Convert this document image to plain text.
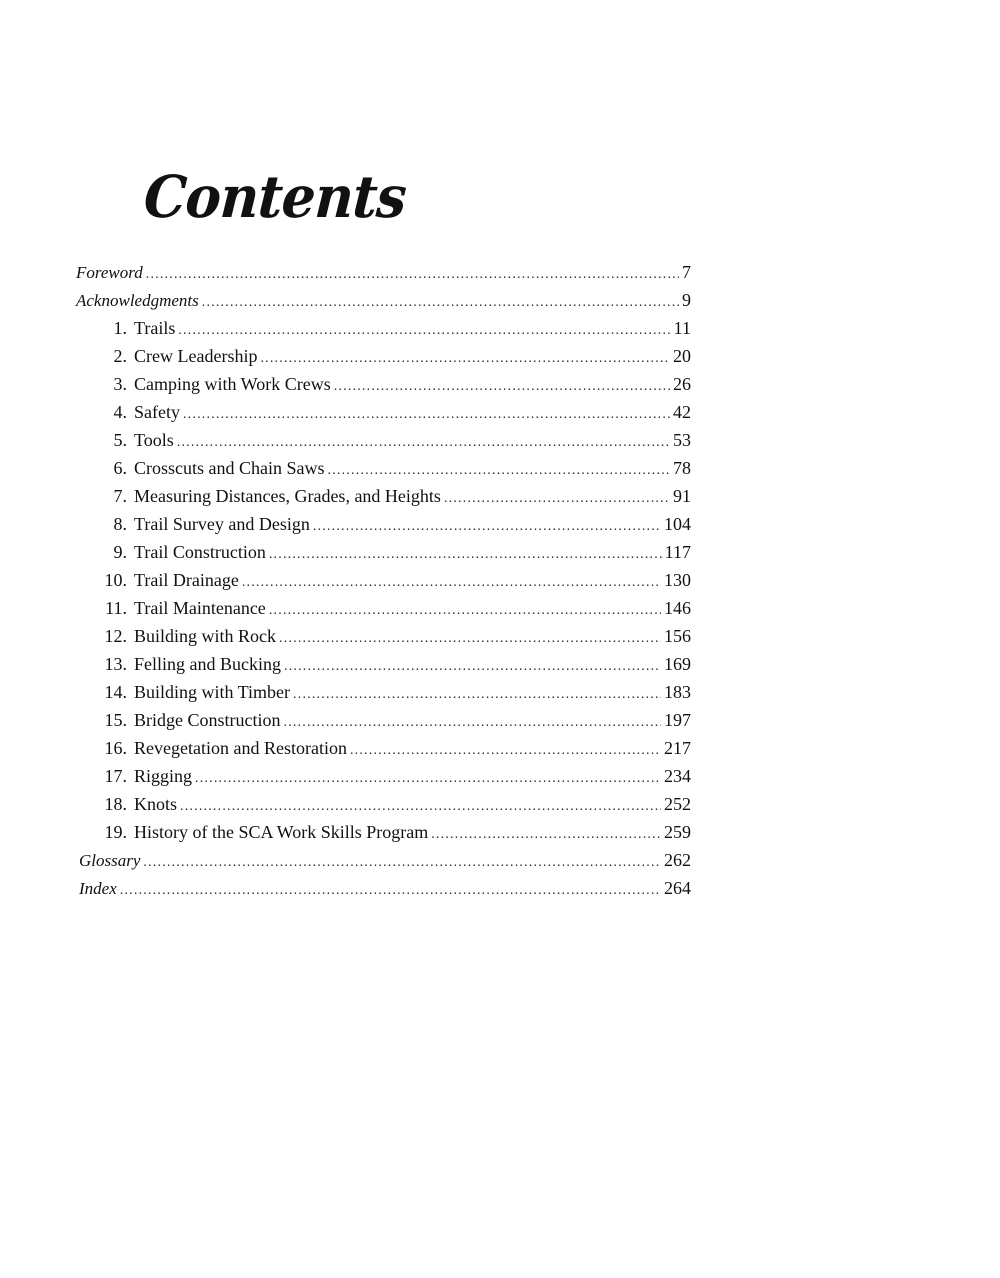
Contents
Foreword .....	7
Acknowledgments .....	9
1. Trails .....	11
2. Crew Leadership .....	20
3. Camping with Work Crews .....	26
4. Safety .....	42
5. Tools .....	53
6. Crosscuts and Chain Saws .....	78
7. Measuring Distances, Grades, and Heights .....	91
8. Trail Survey and Design .....	104
9. Trail Construction .....	117
10. Trail Drainage .....	130
11. Trail Maintenance .....	146
12. Building with Rock .....	156
13. Felling and Bucking .....	169
14. Building with Timber .....	183
15. Bridge Construction .....	197
16. Revegetation and Restoration .....	217
17. Rigging .....	234
18. Knots .....	252
19. History of the SCA Work Skills Program .....	259
Glossary .....	262
Index .....	264
